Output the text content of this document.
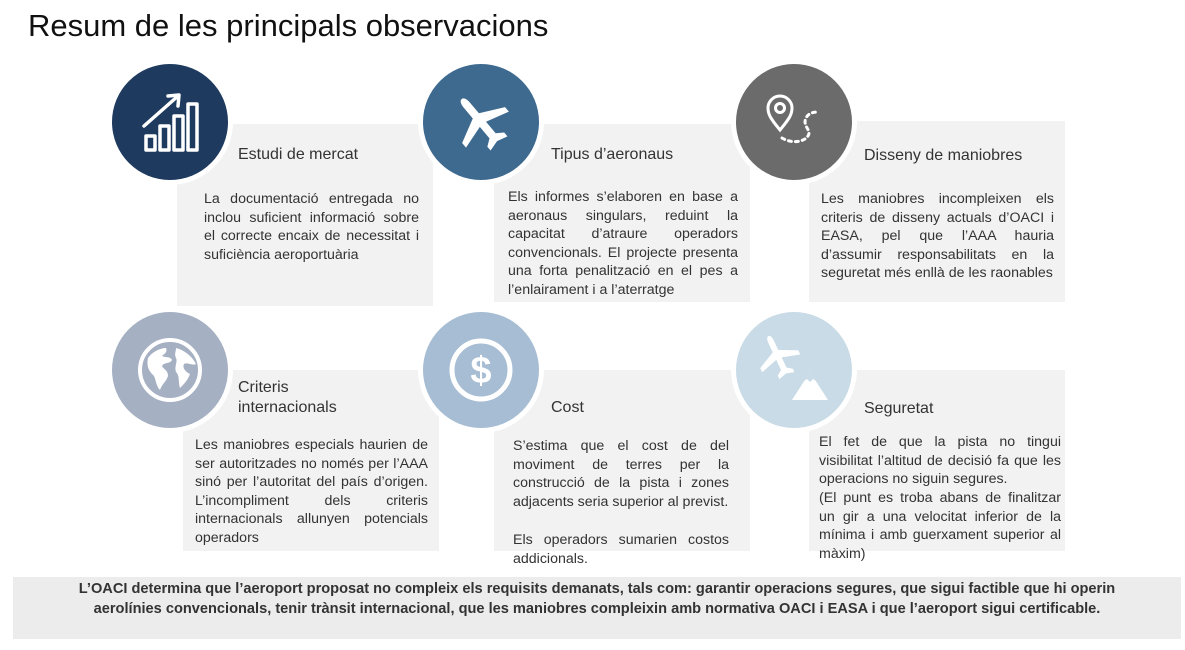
Resum de les principals observacions
Estudi de mercat
La documentació entregada no inclou suficient informació sobre el correcte encaix de necessitat i suficiència aeroportuària
Tipus d’aeronaus
Els informes s’elaboren en base a aeronaus singulars, reduint la capacitat d’atraure operadors convencionals. El projecte presenta una forta penalització en el pes a l’enlairament i a l’aterratge
Disseny de maniobres
Les maniobres incompleixen els criteris de disseny actuals d’OACI i EASA, pel que l’AAA hauria d’assumir responsabilitats en la seguretat més enllà de les raonables
Criteris internacionals
Les maniobres especials haurien de ser autoritzades no només per l’AAA sinó per l’autoritat del país d’origen. L’incompliment dels criteris internacionals allunyen potencials operadors
$
Cost
S’estima que el cost de del moviment de terres per la construcció de la pista i zones adjacents seria superior al previst.
Els operadors sumarien costos addicionals.
Seguretat
El fet de que la pista no tingui visibilitat l’altitud de decisió fa que les operacions no siguin segures.
(El punt es troba abans de finalitzar un gir a una velocitat inferior de la mínima i amb guerxament superior al màxim)
L’OACI determina que l’aeroport proposat no compleix els requisits demanats, tals com: garantir operacions segures, que sigui factible que hi operin aerolínies convencionals, tenir trànsit internacional, que les maniobres compleixin amb normativa OACI i EASA i que l’aeroport sigui certificable.
